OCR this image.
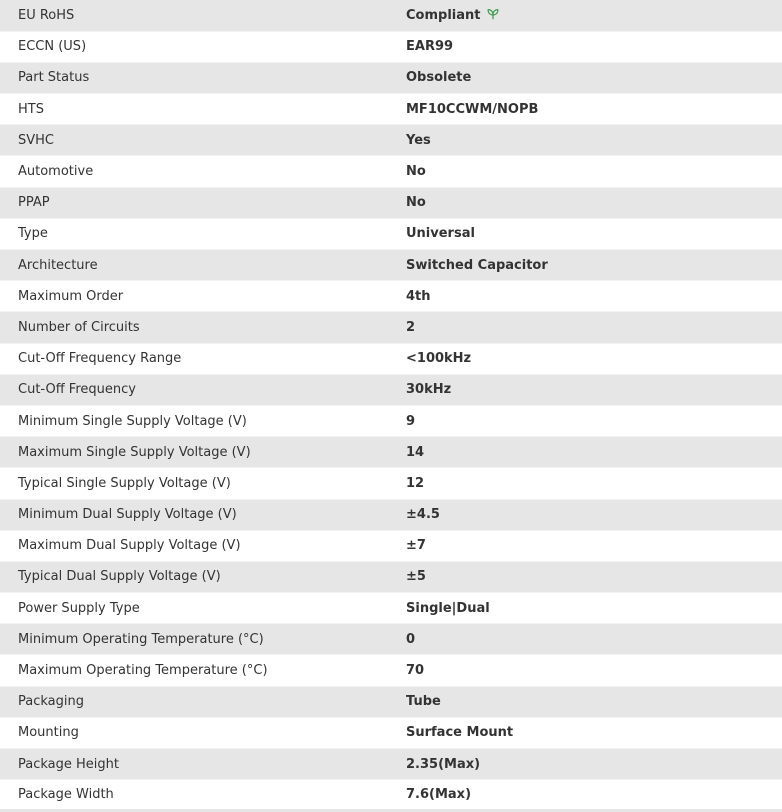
EU RoHS	Compliant
ECCN (US)	EAR99
Part Status	Obsolete
HTS	MF10CCWM/NOPB
SVHC	Yes
Automotive	No
PPAP	No
Type	Universal
Architecture	Switched Capacitor
Maximum Order	4th
Number of Circuits	2
Cut-Off Frequency Range	<100kHz
Cut-Off Frequency	30kHz
Minimum Single Supply Voltage (V)	9
Maximum Single Supply Voltage (V)	14
Typical Single Supply Voltage (V)	12
Minimum Dual Supply Voltage (V)	±4.5
Maximum Dual Supply Voltage (V)	±7
Typical Dual Supply Voltage (V)	±5
Power Supply Type	Single|Dual
Minimum Operating Temperature (°C)	0
Maximum Operating Temperature (°C)	70
Packaging	Tube
Mounting	Surface Mount
Package Height	2.35(Max)
Package Width	7.6(Max)
